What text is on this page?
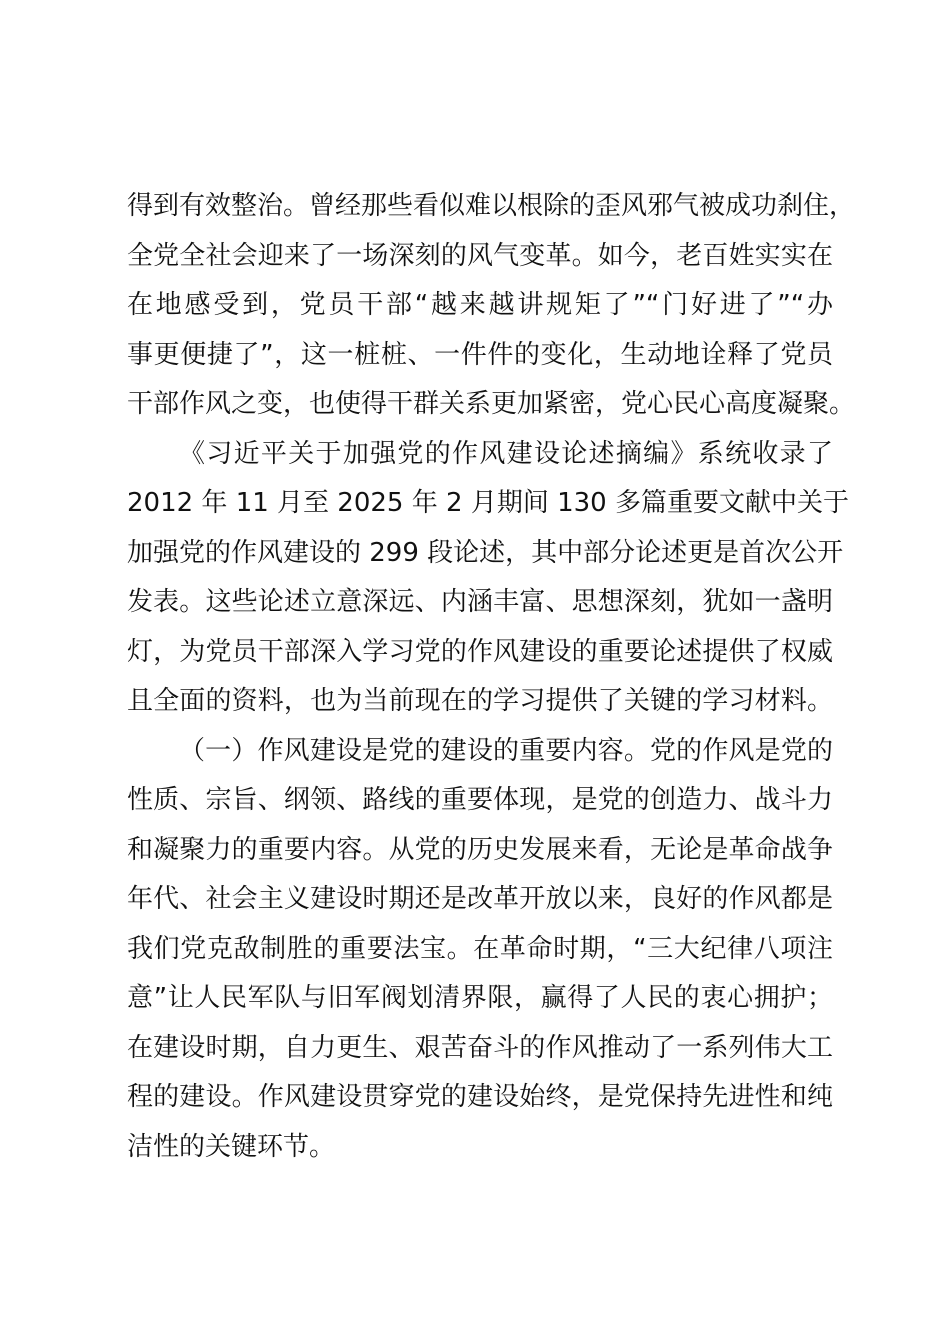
得到有效整治。曾经那些看似难以根除的歪风邪气被成功刹住，
全党全社会迎来了一场深刻的风气变革。如今，老百姓实实在
在地感受到，党员干部“越来越讲规矩了”“门好进了”“办
事更便捷了”，这一桩桩、一件件的变化，生动地诠释了党员
干部作风之变，也使得干群关系更加紧密，党心民心高度凝聚。
《习近平关于加强党的作风建设论述摘编》系统收录了
2012 年 11 月至 2025 年 2 月期间 130 多篇重要文献中关于
加强党的作风建设的 299 段论述，其中部分论述更是首次公开
发表。这些论述立意深远、内涵丰富、思想深刻，犹如一盏明
灯，为党员干部深入学习党的作风建设的重要论述提供了权威
且全面的资料，也为当前现在的学习提供了关键的学习材料。
（一）作风建设是党的建设的重要内容。党的作风是党的
性质、宗旨、纲领、路线的重要体现，是党的创造力、战斗力
和凝聚力的重要内容。从党的历史发展来看，无论是革命战争
年代、社会主义建设时期还是改革开放以来，良好的作风都是
我们党克敌制胜的重要法宝。在革命时期，“三大纪律八项注
意”让人民军队与旧军阀划清界限，赢得了人民的衷心拥护；
在建设时期，自力更生、艰苦奋斗的作风推动了一系列伟大工
程的建设。作风建设贯穿党的建设始终，是党保持先进性和纯
洁性的关键环节。
